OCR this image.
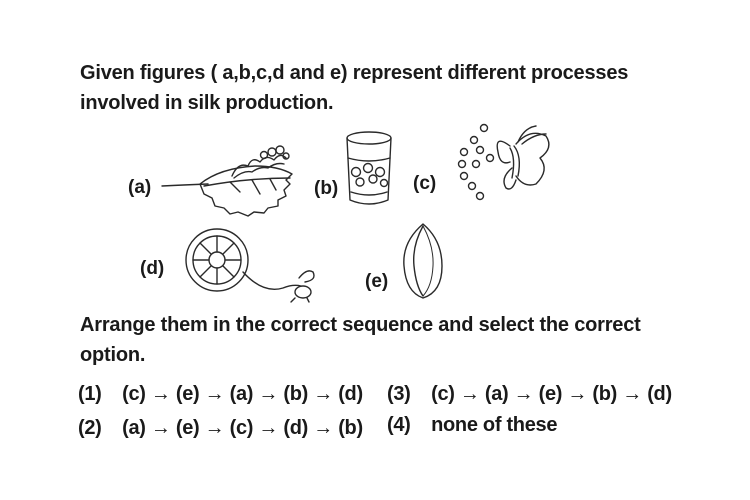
Given figures ( a,b,c,d and e) represent different processes
involved in silk production.
(a)	(b)	(c)
(d)
(e)
Arrange them in the correct sequence and select the correct
option.
(1) (c) → (e) → (a) → (b) → (d) (3) (c) → (a) → (e) → (b) → (d)
(2) (a) → (e) → (c) → (d) → (b) (4) none of these
